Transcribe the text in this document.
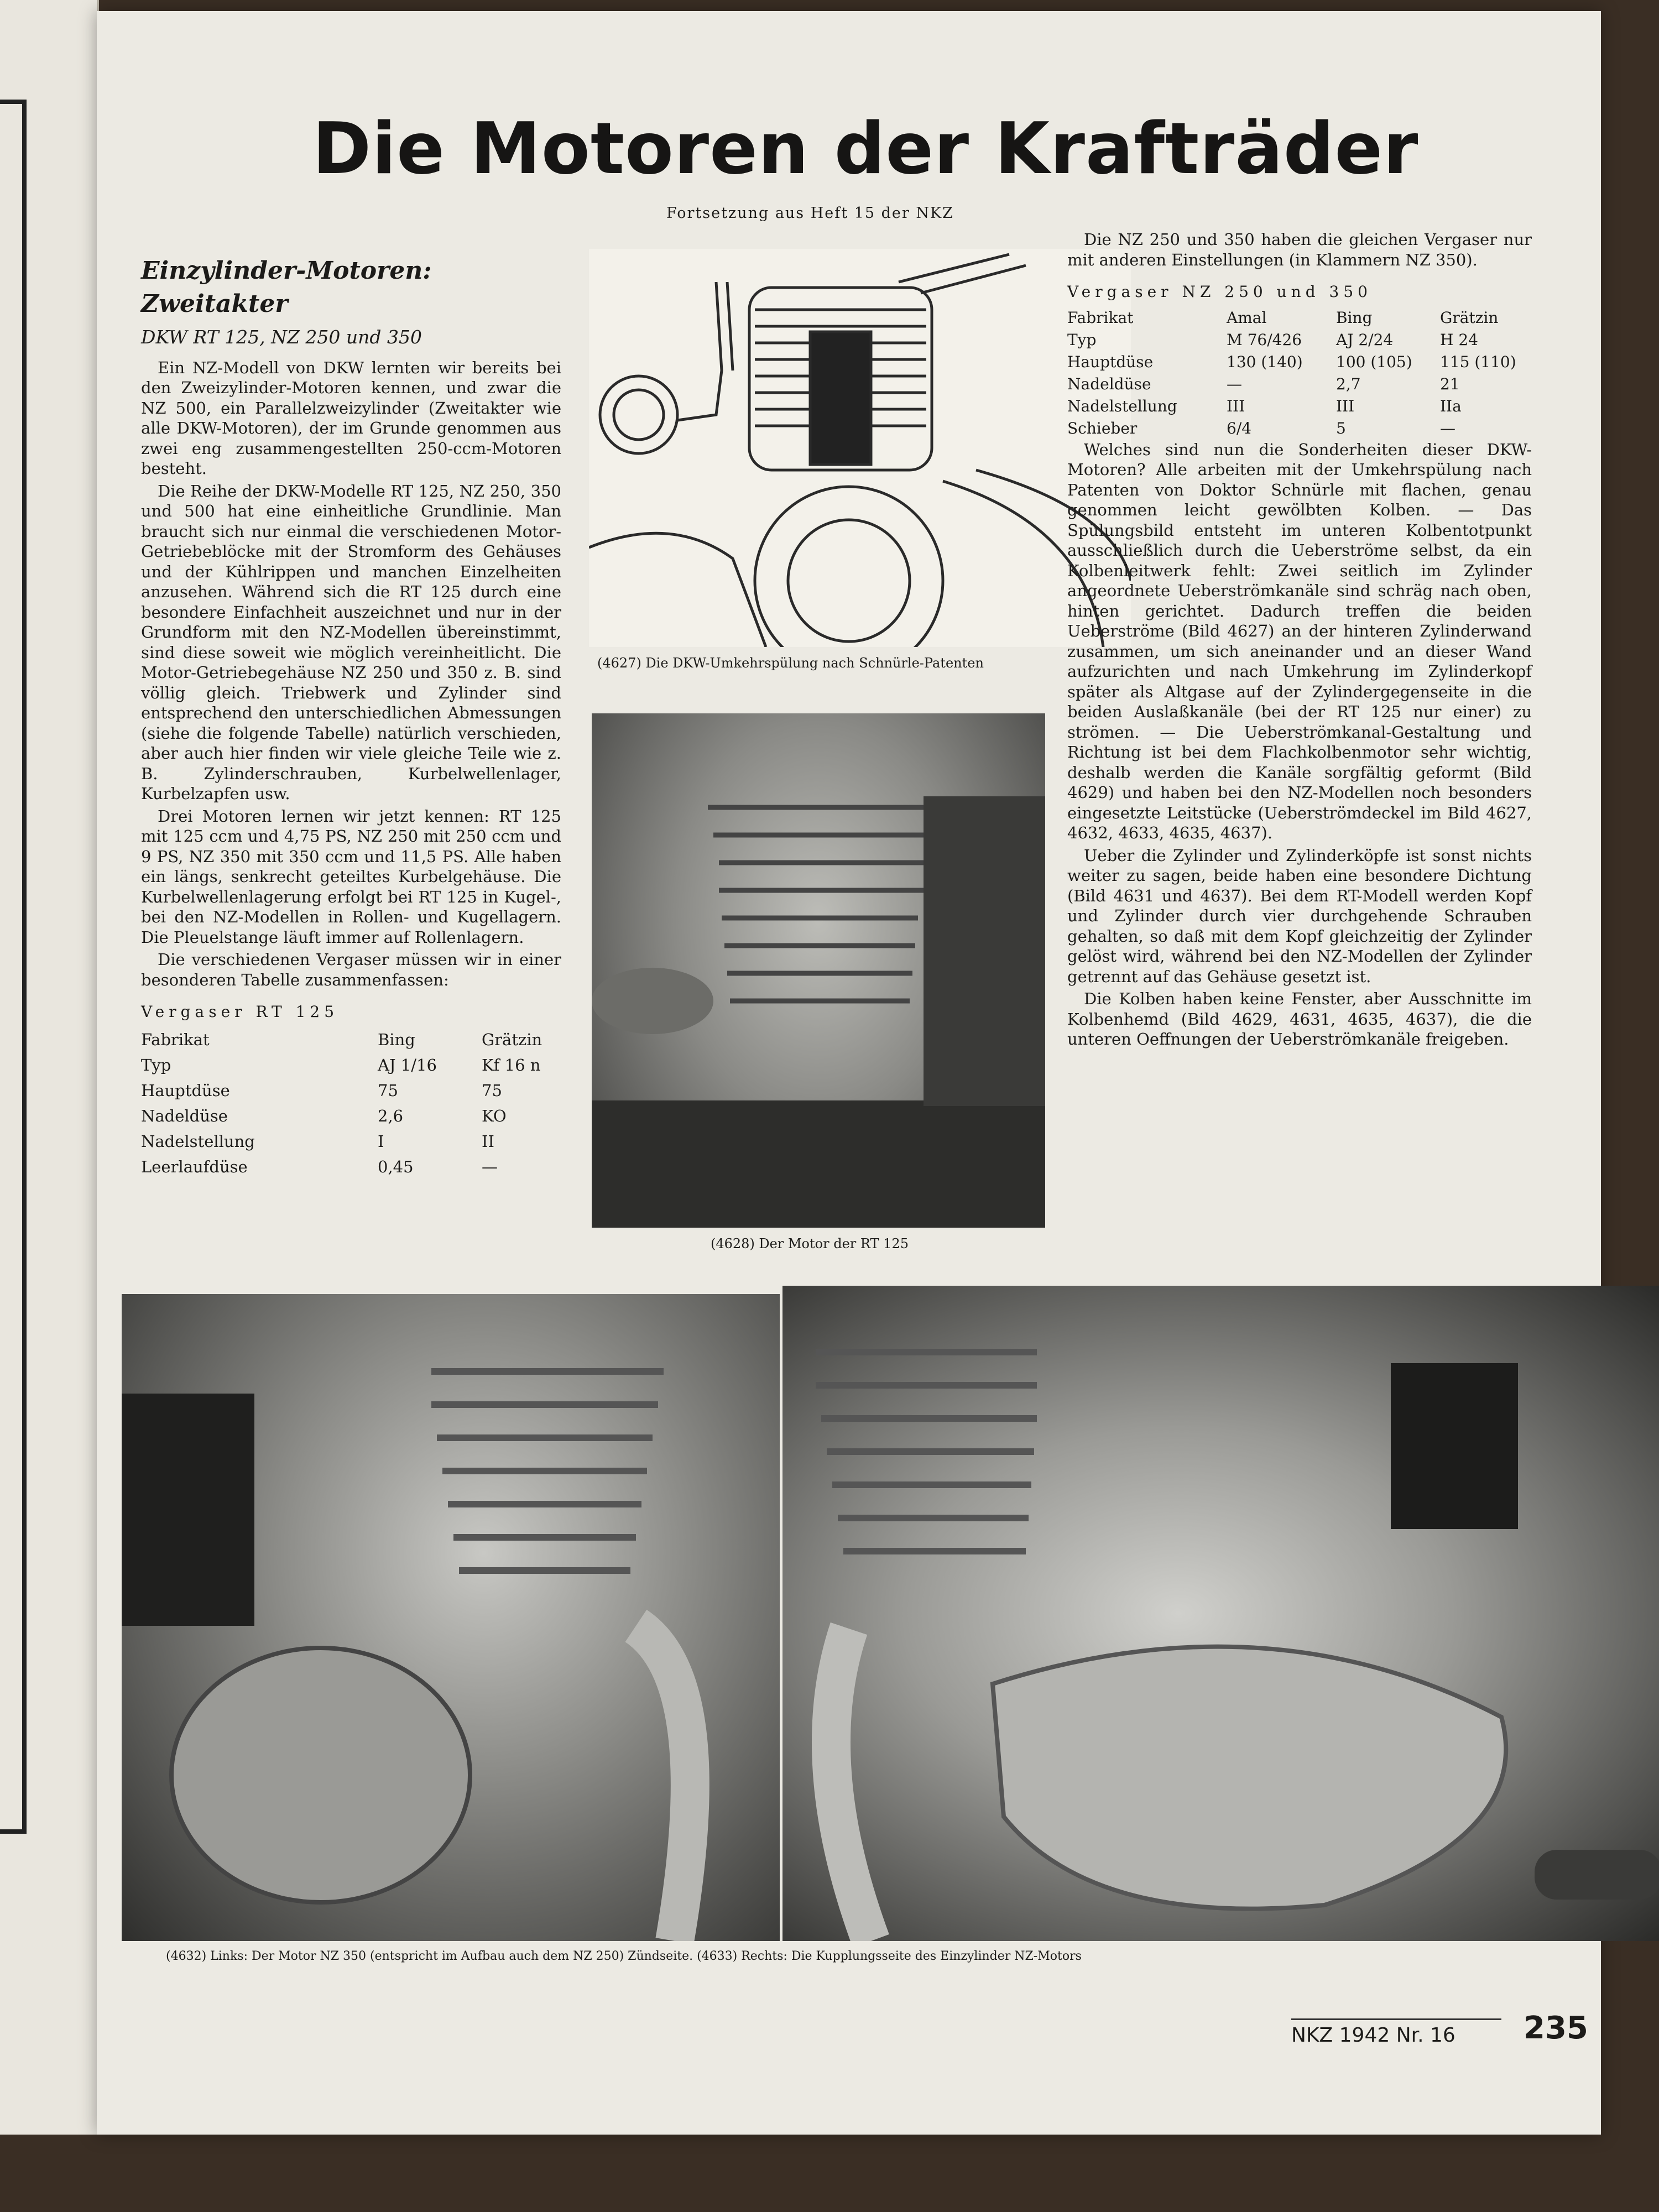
Die Motoren der Krafträder
Fortsetzung aus Heft 15 der NKZ
Einzylinder-Motoren:
Zweitakter
DKW RT 125, NZ 250 und 350

Ein NZ-Modell von DKW lernten wir bereits bei den Zweizylinder-Motoren kennen, und zwar die NZ 500, ein Parallelzweizylinder (Zweitakter wie alle DKW-Motoren), der im Grunde genommen aus zwei eng zusammengestellten 250-ccm-Motoren besteht.

Die Reihe der DKW-Modelle RT 125, NZ 250, 350 und 500 hat eine einheitliche Grundlinie. Man braucht sich nur einmal die verschiedenen Motor-Getriebeblöcke mit der Stromform des Gehäuses und der Kühlrippen und manchen Einzelheiten anzusehen. Während sich die RT 125 durch eine besondere Einfachheit auszeichnet und nur in der Grundform mit den NZ-Modellen übereinstimmt, sind diese soweit wie möglich vereinheitlicht. Die Motor-Getriebegehäuse NZ 250 und 350 z. B. sind völlig gleich. Triebwerk und Zylinder sind entsprechend den unterschiedlichen Abmessungen (siehe die folgende Tabelle) natürlich verschieden, aber auch hier finden wir viele gleiche Teile wie z. B. Zylinderschrauben, Kurbelwellenlager, Kurbelzapfen usw.

Drei Motoren lernen wir jetzt kennen: RT 125 mit 125 ccm und 4,75 PS, NZ 250 mit 250 ccm und 9 PS, NZ 350 mit 350 ccm und 11,5 PS. Alle haben ein längs, senkrecht geteiltes Kurbelgehäuse. Die Kurbelwellenlagerung erfolgt bei RT 125 in Kugel-, bei den NZ-Modellen in Rollen- und Kugellagern. Die Pleuelstange läuft immer auf Rollenlagern.

Die verschiedenen Vergaser müssen wir in einer besonderen Tabelle zusammenfassen:

Vergaser RT 125
Fabrikat	Bing	Grätzin
Typ	AJ 1/16	Kf 16 n
Hauptdüse	75	75
Nadeldüse	2,6	KO
Nadelstellung	I	II
Leerlaufdüse	0,45	—
(4627) Die DKW-Umkehrspülung nach Schnürle-Patenten
(4628) Der Motor der RT 125

Die NZ 250 und 350 haben die gleichen Vergaser nur mit anderen Einstellungen (in Klammern NZ 350).

Vergaser NZ 250 und 350
Fabrikat	Amal	Bing	Grätzin
Typ	M 76/426	AJ 2/24	H 24
Hauptdüse	130 (140)	100 (105)	115 (110)
Nadeldüse	—	2,7	21
Nadelstellung	III	III	IIa
Schieber	6/4	5	—

Welches sind nun die Sonderheiten dieser DKW-Motoren? Alle arbeiten mit der Umkehrspülung nach Patenten von Doktor Schnürle mit flachen, genau genommen leicht gewölbten Kolben. — Das Spülungsbild entsteht im unteren Kolbentotpunkt ausschließlich durch die Ueberströme selbst, da ein Kolbenleitwerk fehlt: Zwei seitlich im Zylinder angeordnete Ueberströmkanäle sind schräg nach oben, hinten gerichtet. Dadurch treffen die beiden Ueberströme (Bild 4627) an der hinteren Zylinderwand zusammen, um sich aneinander und an dieser Wand aufzurichten und nach Umkehrung im Zylinderkopf später als Altgase auf der Zylindergegenseite in die beiden Auslaßkanäle (bei der RT 125 nur einer) zu strömen. — Die Ueberströmkanal-Gestaltung und Richtung ist bei dem Flachkolbenmotor sehr wichtig, deshalb werden die Kanäle sorgfältig geformt (Bild 4629) und haben bei den NZ-Modellen noch besonders eingesetzte Leitstücke (Ueberströmdeckel im Bild 4627, 4632, 4633, 4635, 4637).

Ueber die Zylinder und Zylinderköpfe ist sonst nichts weiter zu sagen, beide haben eine besondere Dichtung (Bild 4631 und 4637). Bei dem RT-Modell werden Kopf und Zylinder durch vier durchgehende Schrauben gehalten, so daß mit dem Kopf gleichzeitig der Zylinder gelöst wird, während bei den NZ-Modellen der Zylinder getrennt auf das Gehäuse gesetzt ist.

Die Kolben haben keine Fenster, aber Ausschnitte im Kolbenhemd (Bild 4629, 4631, 4635, 4637), die die unteren Oeffnungen der Ueberströmkanäle freigeben.

(4632) Links: Der Motor NZ 350 (entspricht im Aufbau auch dem NZ 250) Zündseite. (4633) Rechts: Die Kupplungsseite des Einzylinder NZ-Motors
NKZ 1942 Nr. 16 235
